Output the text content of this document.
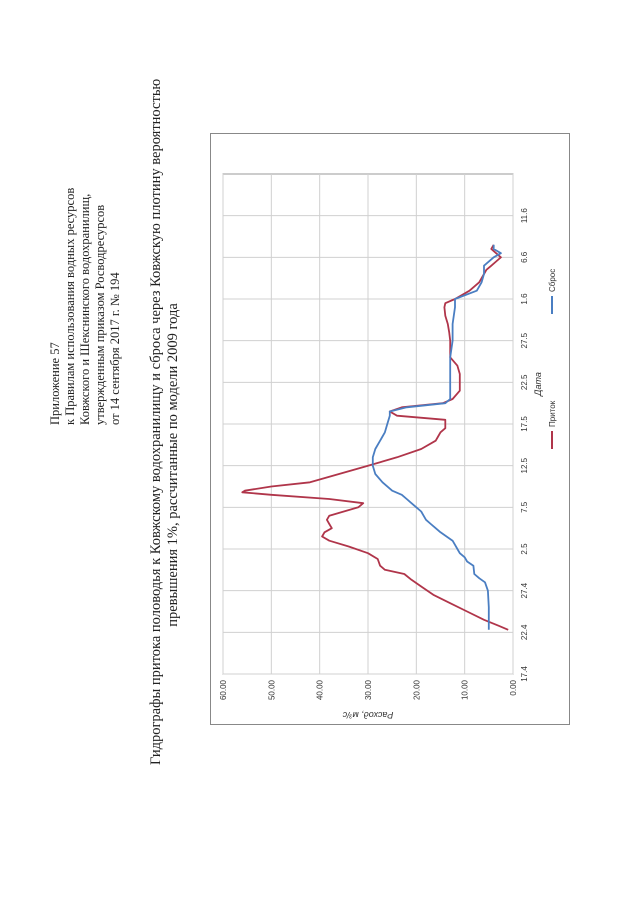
Приложение 57 к Правилам использования водных ресурсов Ковжского и Шекснинского водохранилищ, утвержденным приказом Росводресурсов от 14 сентября 2017 г. № 194 Гидрографы притока половодья к Ковжскому водохранилищу и сброса через Ковжскую плотину вероятностью превышения 1%, рассчитанные по модели 2009 года
0.00
10.00
20.00
30.00
40.00
50.00
60.00
17.4
22.4
27.4
2.5
7.5
12.5
17.5
22.5
27.5
1.6
6.6
11.6
Расход, м³/с
Дата
Приток
Сброс
